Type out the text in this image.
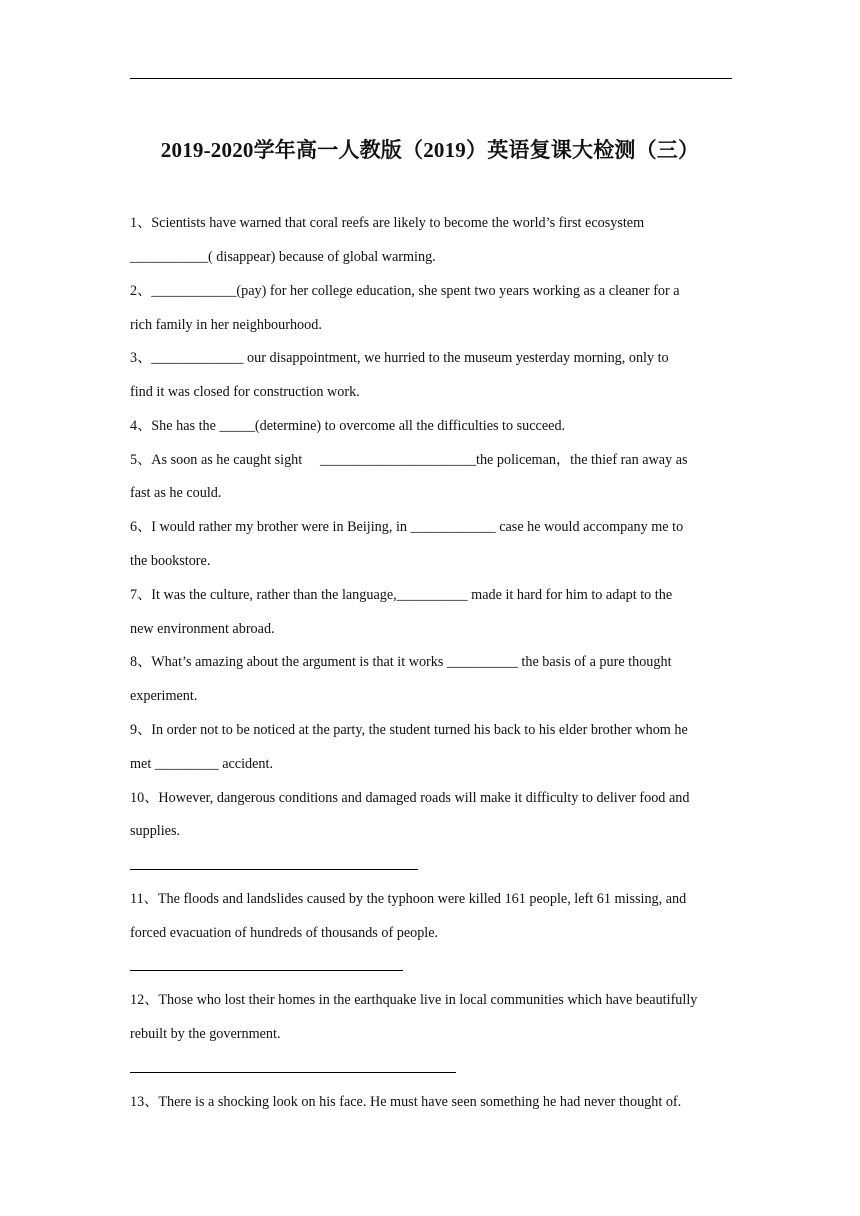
2019-2020学年高一人教版（2019）英语复课大检测（三）
1、Scientists have warned that coral reefs are likely to become the world’s first ecosystem
___________( disappear) because of global warming.
2、____________(pay) for her college education, she spent two years working as a cleaner for a
rich family in her neighbourhood.
3、_____________ our disappointment, we hurried to the museum yesterday morning, only to
find it was closed for construction work.
4、She has the _____(determine) to overcome all the difficulties to succeed.
5、As soon as he caught sight　 ______________________the policeman，the thief ran away as
fast as he could.
6、I would rather my brother were in Beijing, in ____________ case he would accompany me to
the bookstore.
7、It was the culture, rather than the language,__________ made it hard for him to adapt to the
new environment abroad.
8、What’s amazing about the argument is that it works __________ the basis of a pure thought
experiment.
9、In order not to be noticed at the party, the student turned his back to his elder brother whom he
met _________ accident.
10、However, dangerous conditions and damaged roads will make it difficulty to deliver food and
supplies.
11、The floods and landslides caused by the typhoon were killed 161 people, left 61 missing, and
forced evacuation of hundreds of thousands of people.
12、Those who lost their homes in the earthquake live in local communities which have beautifully
rebuilt by the government.
13、There is a shocking look on his face. He must have seen something he had never thought of.
